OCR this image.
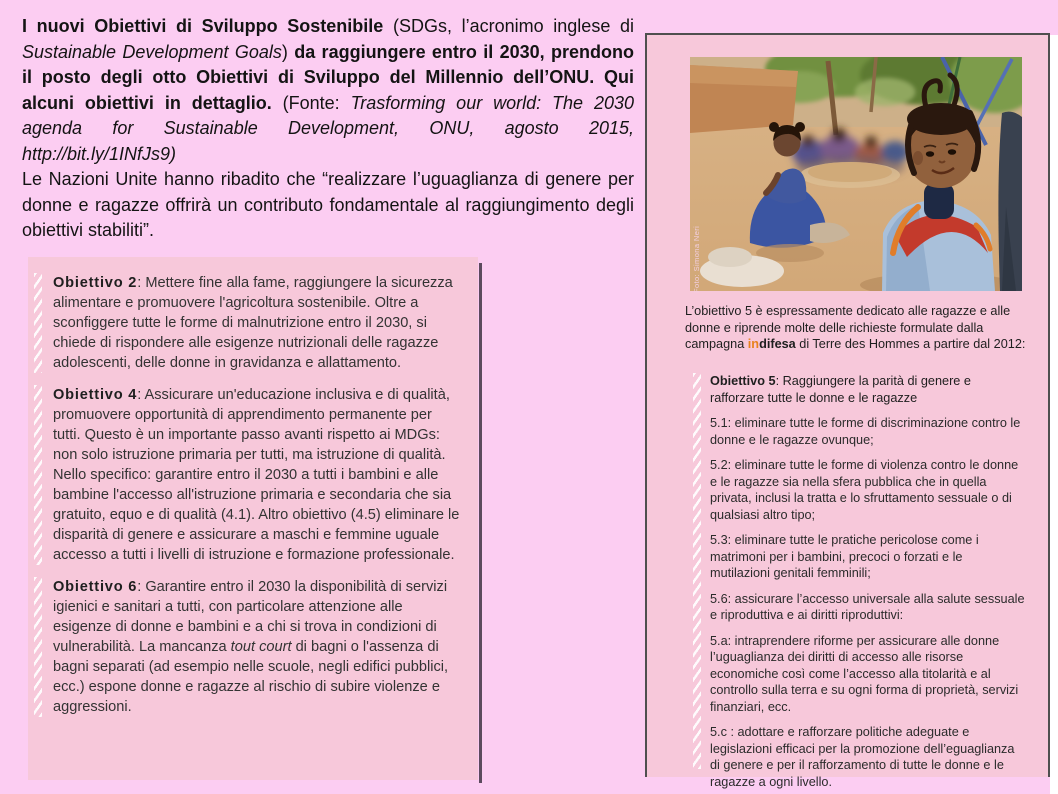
I nuovi Obiettivi di Sviluppo Sostenibile (SDGs, l’acronimo inglese di Sustainable Development Goals) da raggiungere entro il 2030, prendono il posto degli otto Obiettivi di Sviluppo del Millennio dell’ONU. Qui alcuni obiettivi in dettaglio. (Fonte: Trasforming our world: The 2030 agenda for Sustainable Development, ONU, agosto 2015, http://bit.ly/1INfJs9)

Le Nazioni Unite hanno ribadito che “realizzare l’uguaglianza di genere per donne e ragazze offrirà un contributo fondamentale al raggiungimento degli obiettivi stabiliti”.

Obiettivo 2: Mettere fine alla fame, raggiungere la sicurezza alimentare e promuovere l'agricoltura sostenibile. Oltre a sconfiggere tutte le forme di malnutrizione entro il 2030, si chiede di rispondere alle esigenze nutrizionali delle ragazze adolescenti, delle donne in gravidanza e allattamento.

Obiettivo 4: Assicurare un'educazione inclusiva e di qualità, promuovere opportunità di apprendimento permanente per tutti. Questo è un importante passo avanti rispetto ai MDGs: non solo istruzione primaria per tutti, ma istruzione di qualità. Nello specifico: garantire entro il 2030 a tutti i bambini e alle bambine l'accesso all'istruzione primaria e secondaria che sia gratuito, equo e di qualità (4.1). Altro obiettivo (4.5) eliminare le disparità di genere e assicurare a maschi e femmine uguale accesso a tutti i livelli di istruzione e formazione professionale.

Obiettivo 6: Garantire entro il 2030 la disponibilità di servizi igienici e sanitari a tutti, con particolare attenzione alle esigenze di donne e bambini e a chi si trova in condizioni di vulnerabilità. La mancanza tout court di bagni o l'assenza di bagni separati (ad esempio nelle scuole, negli edifici pubblici, ecc.) espone donne e ragazze al rischio di subire violenze e aggressioni.

Foto: Simona Neri

L’obiettivo 5 è espressamente dedicato alle ragazze e alle donne e riprende molte delle richieste formulate dalla campagna indifesa di Terre des Hommes a partire dal 2012:

Obiettivo 5: Raggiungere la parità di genere e rafforzare tutte le donne e le ragazze

5.1: eliminare tutte le forme di discriminazione contro le donne e le ragazze ovunque;

5.2: eliminare tutte le forme di violenza contro le donne e le ragazze sia nella sfera pubblica che in quella privata, inclusi la tratta e lo sfruttamento sessuale o di qualsiasi altro tipo;

5.3: eliminare tutte le pratiche pericolose come i matrimoni per i bambini, precoci o forzati e le mutilazioni genitali femminili;

5.6: assicurare l’accesso universale alla salute sessuale e riproduttiva e ai diritti riproduttivi:

5.a: intraprendere riforme per assicurare alle donne l’uguaglianza dei diritti di accesso alle risorse economiche così come l’accesso alla titolarità e al controllo sulla terra e su ogni forma di proprietà, servizi finanziari, ecc.

5.c : adottare e rafforzare politiche adeguate e legislazioni efficaci per la promozione dell’eguaglianza di genere e per il rafforzamento di tutte le donne e le ragazze a ogni livello.
